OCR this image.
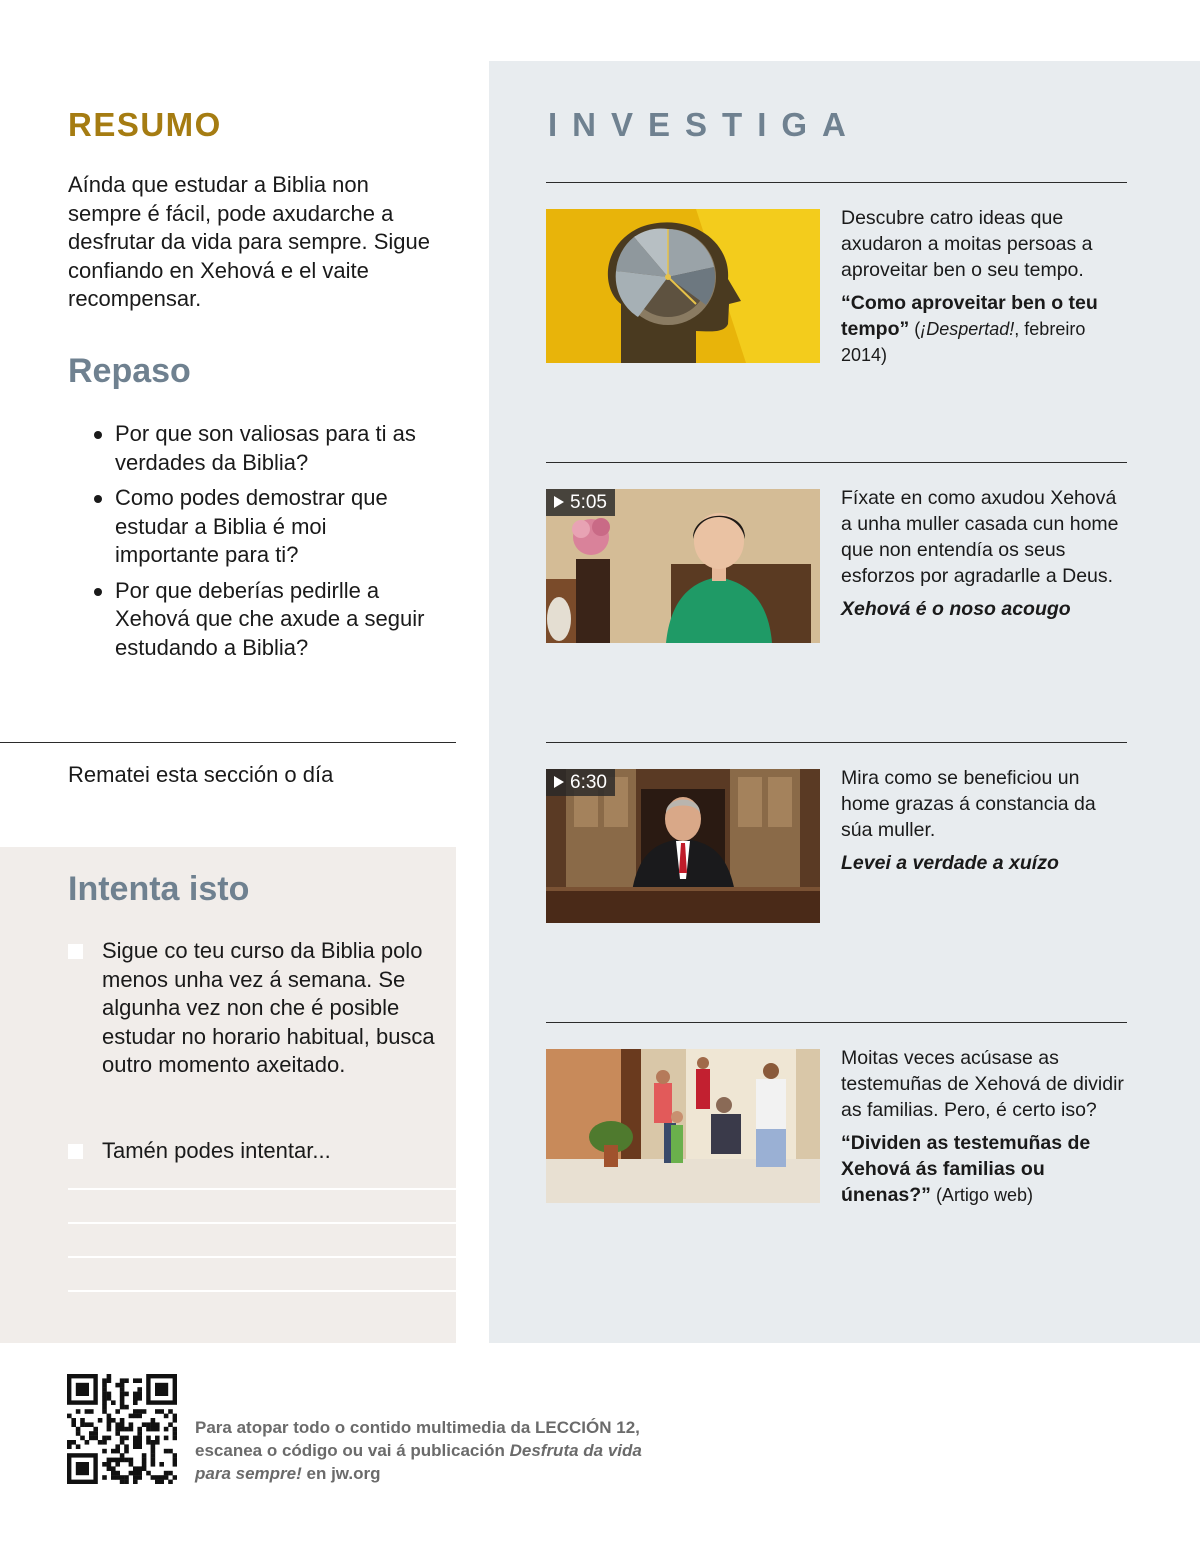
RESUMO
Aínda que estudar a Biblia non sempre é fácil, pode axudarche a desfrutar da vida para sempre. Sigue confiando en Xehová e el vaite recompensar.
Repaso
Por que son valiosas para ti as verdades da Biblia?
Como podes demostrar que estudar a Biblia é moi importante para ti?
Por que deberías pedirlle a Xehová que che axude a seguir estudando a Biblia?
Rematei esta sección o día
Intenta isto
Sigue co teu curso da Biblia polo menos unha vez á semana. Se algunha vez non che é posible estudar no horario habitual, busca outro momento axeitado.
Tamén podes intentar...
INVESTIGA
Descubre catro ideas que axudaron a moitas persoas a aproveitar ben o seu tempo.
“Como aproveitar ben o teu tempo” (¡Despertad!, febreiro 2014)
5:05	Fíxate en como axudou Xehová a unha muller casada cun home que non entendía os seus esforzos por agradarlle a Deus.
Xehová é o noso acougo
6:30	Mira como se beneficiou un home grazas á constancia da súa muller.
Levei a verdade a xuízo
Moitas veces acúsase as testemuñas de Xehová de dividir as familias. Pero, é certo iso?
“Dividen as testemuñas de Xehová ás familias ou únenas?” (Artigo web)
Para atopar todo o contido multimedia da LECCIÓN 12,
escanea o código ou vai á publicación Desfruta da vida
para sempre! en jw.org
